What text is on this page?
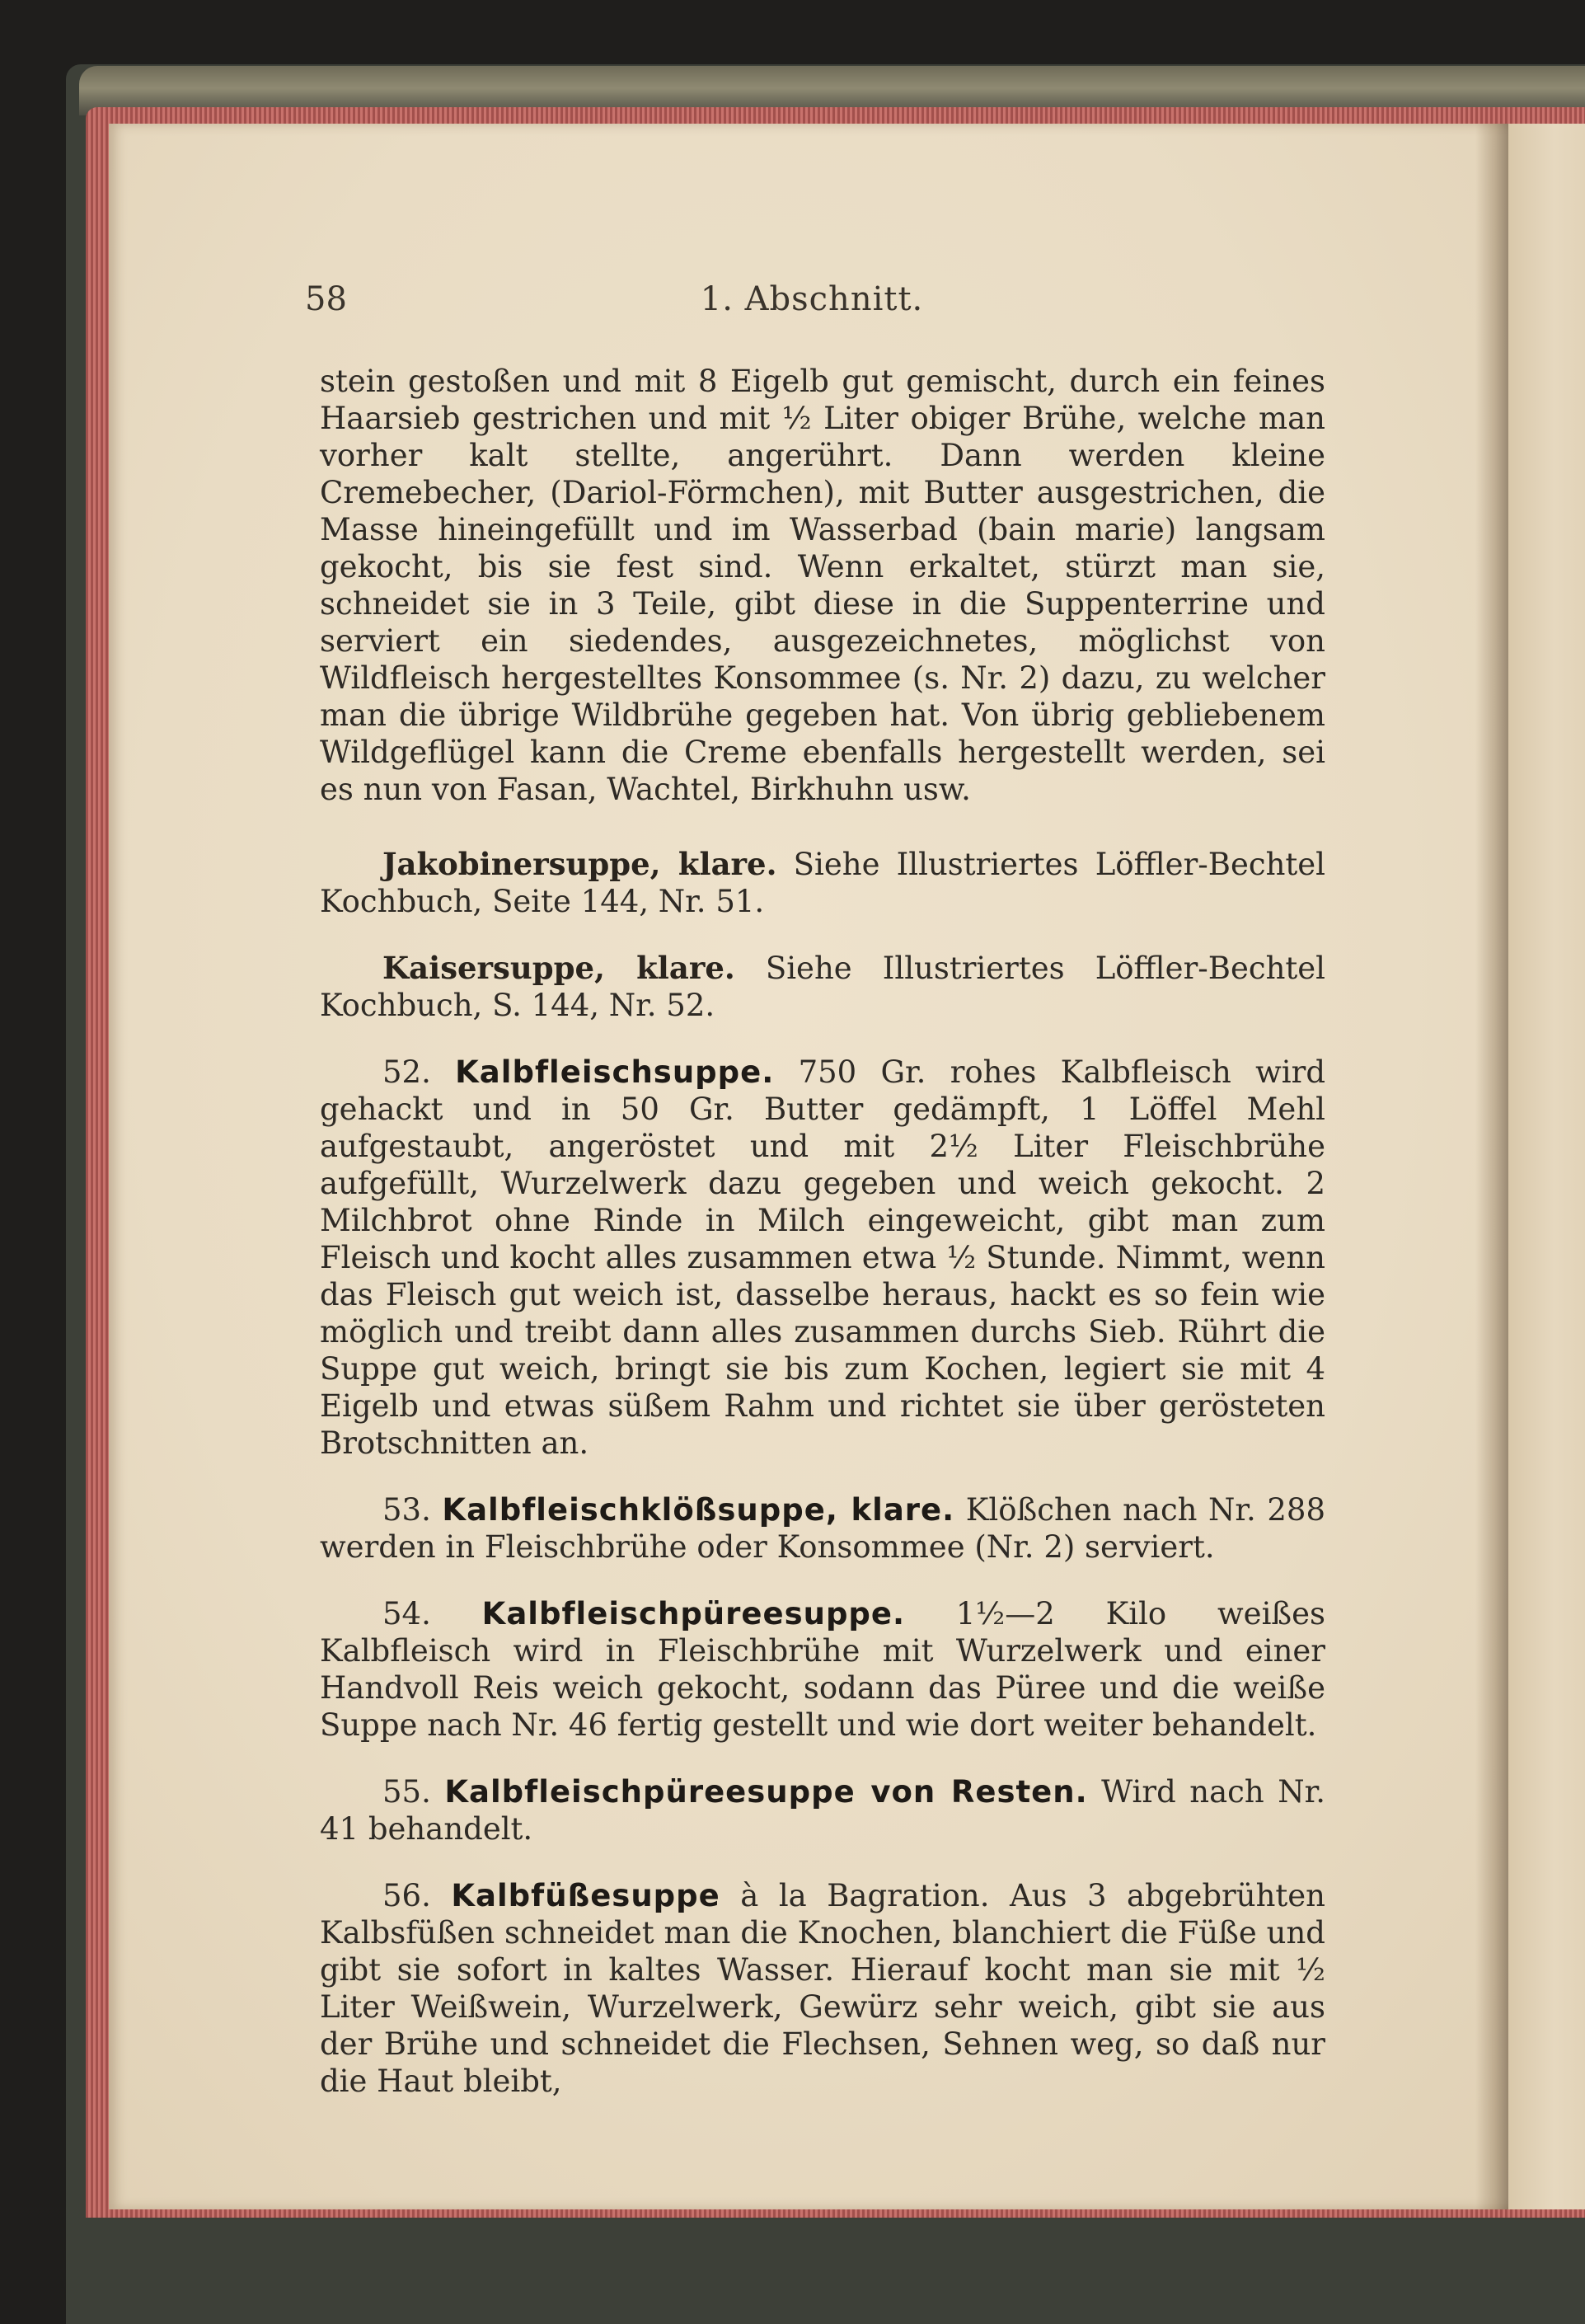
58	1. Abschnitt.

stein gestoßen und mit 8 Eigelb gut gemischt, durch ein feines Haarsieb gestrichen und mit ½ Liter obiger Brühe, welche man vorher kalt stellte, angerührt. Dann werden kleine Cremebecher, (Dariol-Förmchen), mit Butter ausgestrichen, die Masse hineingefüllt und im Wasserbad (bain marie) langsam gekocht, bis sie fest sind. Wenn erkaltet, stürzt man sie, schneidet sie in 3 Teile, gibt diese in die Suppenterrine und serviert ein siedendes, ausgezeichnetes, möglichst von Wildfleisch hergestelltes Konsommee (s. Nr. 2) dazu, zu welcher man die übrige Wildbrühe gegeben hat. Von übrig gebliebenem Wildgeflügel kann die Creme ebenfalls hergestellt werden, sei es nun von Fasan, Wachtel, Birkhuhn usw.

Jakobinersuppe, klare. Siehe Illustriertes Löffler-Bechtel Kochbuch, Seite 144, Nr. 51.

Kaisersuppe, klare. Siehe Illustriertes Löffler-Bechtel Kochbuch, S. 144, Nr. 52.

52. Kalbfleischsuppe. 750 Gr. rohes Kalbfleisch wird gehackt und in 50 Gr. Butter gedämpft, 1 Löffel Mehl aufgestaubt, angeröstet und mit 2½ Liter Fleischbrühe aufgefüllt, Wurzelwerk dazu gegeben und weich gekocht. 2 Milchbrot ohne Rinde in Milch eingeweicht, gibt man zum Fleisch und kocht alles zusammen etwa ½ Stunde. Nimmt, wenn das Fleisch gut weich ist, dasselbe heraus, hackt es so fein wie möglich und treibt dann alles zusammen durchs Sieb. Rührt die Suppe gut weich, bringt sie bis zum Kochen, legiert sie mit 4 Eigelb und etwas süßem Rahm und richtet sie über gerösteten Brotschnitten an.

53. Kalbfleischklößsuppe, klare. Klößchen nach Nr. 288 werden in Fleischbrühe oder Konsommee (Nr. 2) serviert.

54. Kalbfleischpüreesuppe. 1½—2 Kilo weißes Kalbfleisch wird in Fleischbrühe mit Wurzelwerk und einer Handvoll Reis weich gekocht, sodann das Püree und die weiße Suppe nach Nr. 46 fertig gestellt und wie dort weiter behandelt.

55. Kalbfleischpüreesuppe von Resten. Wird nach Nr. 41 behandelt.

56. Kalbfüßesuppe à la Bagration. Aus 3 abgebrühten Kalbsfüßen schneidet man die Knochen, blanchiert die Füße und gibt sie sofort in kaltes Wasser. Hierauf kocht man sie mit ½ Liter Weißwein, Wurzelwerk, Gewürz sehr weich, gibt sie aus der Brühe und schneidet die Flechsen, Sehnen weg, so daß nur die Haut bleibt,
